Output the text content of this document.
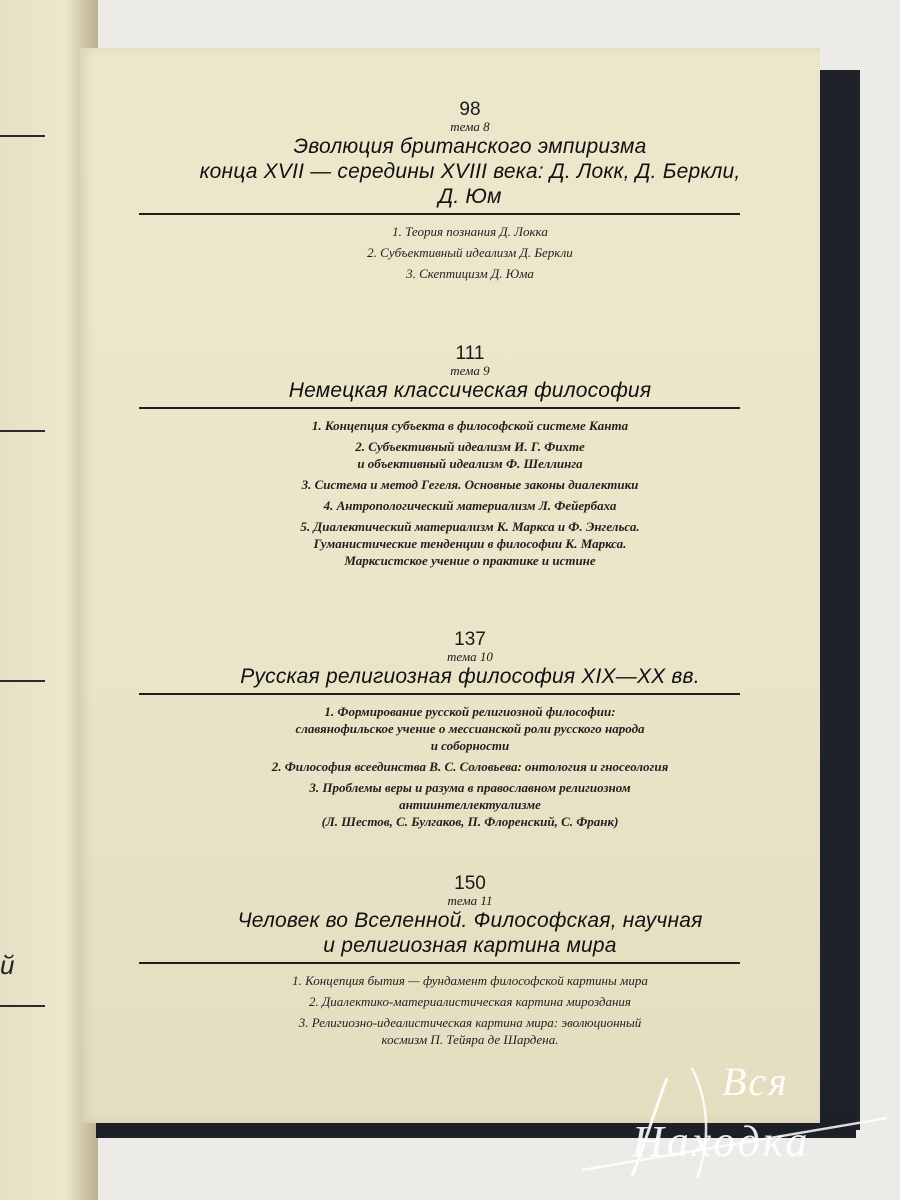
й
98
тема 8
Эволюция британского эмпиризма
конца XVII — середины XVIII века: Д. Локк, Д. Беркли,
Д. Юм
1. Теория познания Д. Локка
2. Субъективный идеализм Д. Беркли
3. Скептицизм Д. Юма
111
тема 9
Немецкая классическая философия
1. Концепция субъекта в философской системе Канта
2. Субъективный идеализм И. Г. Фихте
и объективный идеализм Ф. Шеллинга
3. Система и метод Гегеля. Основные законы диалектики
4. Антропологический материализм Л. Фейербаха
5. Диалектический материализм К. Маркса и Ф. Энгельса.
Гуманистические тенденции в философии К. Маркса.
Марксистское учение о практике и истине
137
тема 10
Русская религиозная философия XIX—XX вв.
1. Формирование русской религиозной философии:
славянофильское учение о мессианской роли русского народа
и соборности
2. Философия всеединства В. С. Соловьева: онтология и гносеология
3. Проблемы веры и разума в православном религиозном
антиинтеллектуализме
(Л. Шестов, С. Булгаков, П. Флоренский, С. Франк)
150
тема 11
Человек во Вселенной. Философская, научная
и религиозная картина мира
1. Концепция бытия — фундамент философской картины мира
2. Диалектико-материалистическая картина мироздания
3. Религиозно-идеалистическая картина мира: эволюционный
космизм П. Тейяра де Шардена.
Вся
Находка
